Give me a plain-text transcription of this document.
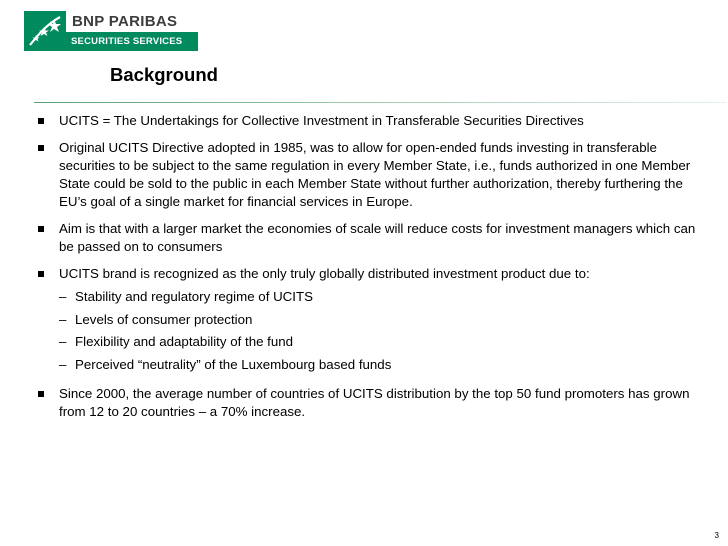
BNP PARIBAS
SECURITIES SERVICES
Background
UCITS = The Undertakings for Collective Investment in Transferable Securities Directives
Original UCITS Directive adopted in 1985, was to allow for open-ended funds investing in transferable securities to be subject to the same regulation in every Member State, i.e., funds authorized in one Member State could be sold to the public in each Member State without further authorization, thereby furthering the EU’s goal of a single market for financial services in Europe.
Aim is that with a larger market the economies of scale will reduce costs for investment managers which can be passed on to consumers
UCITS brand is recognized as the only truly globally distributed investment product due to:
– Stability and regulatory regime of UCITS
– Levels of consumer protection
– Flexibility and adaptability of the fund
– Perceived “neutrality” of the Luxembourg based funds
Since 2000, the average number of countries of UCITS distribution by the top 50 fund promoters has grown from 12 to 20 countries – a 70% increase.
3
